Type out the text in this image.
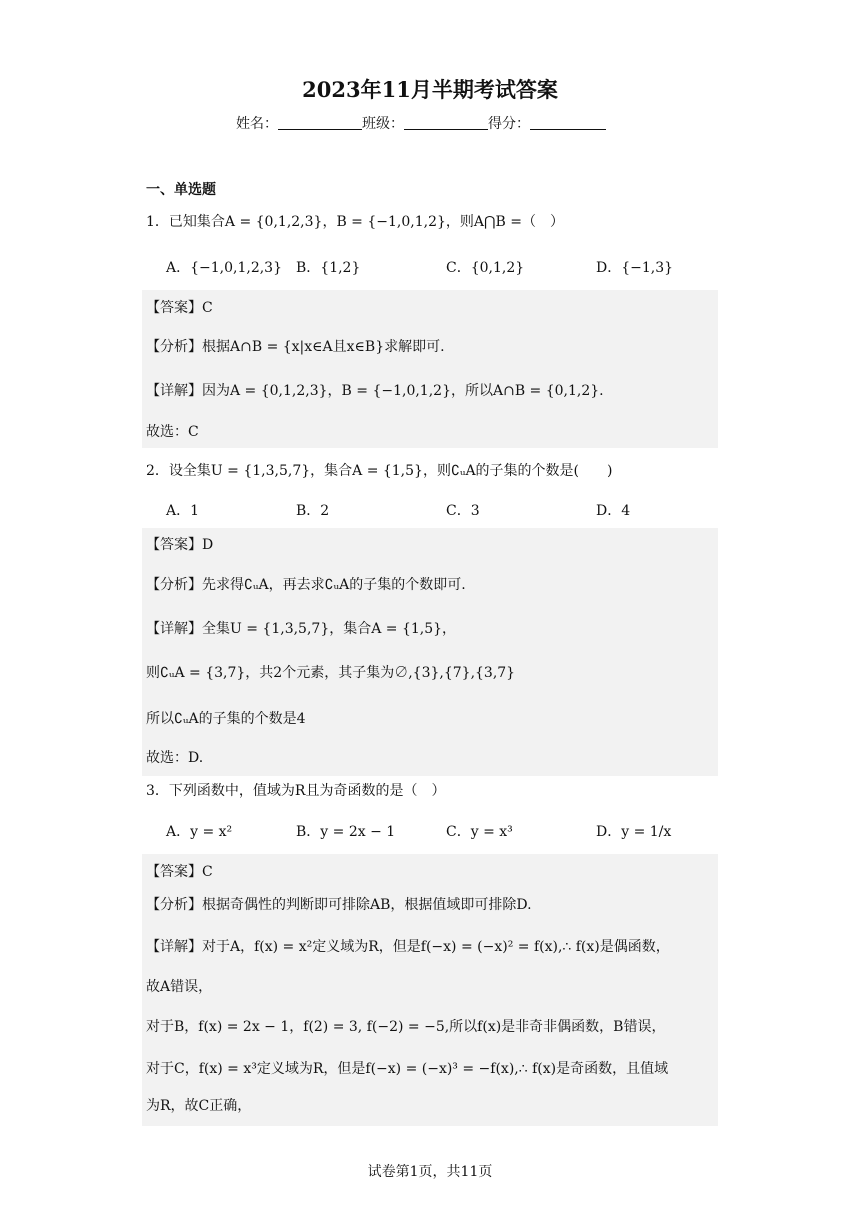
2023年11月半期考试答案
姓名：	班级：	得分：
一、单选题
1．已知集合A = {0,1,2,3}，B = {−1,0,1,2}，则A⋂B =（　）
A．{−1,0,1,2,3} B．{1,2}	C．{0,1,2}	D．{−1,3}
【答案】C
【分析】根据A∩B = {x|x∈A且x∈B}求解即可.
【详解】因为A = {0,1,2,3}，B = {−1,0,1,2}，所以A∩B = {0,1,2}.
故选：C
2．设全集U = {1,3,5,7}，集合A = {1,5}，则∁ᵤA的子集的个数是(　　)
A．1	B．2	C．3	D．4
【答案】D
【分析】先求得∁ᵤA，再去求∁ᵤA的子集的个数即可.
【详解】全集U = {1,3,5,7}，集合A = {1,5}，
则∁ᵤA = {3,7}，共2个元素，其子集为∅,{3},{7},{3,7}
所以∁ᵤA的子集的个数是4
故选：D.
3．下列函数中，值域为R且为奇函数的是（　）
A．y = x²	B．y = 2x − 1	C．y = x³	D．y = 1/x
【答案】C
【分析】根据奇偶性的判断即可排除AB，根据值域即可排除D.
【详解】对于A，f(x) = x²定义域为R，但是f(−x) = (−x)² = f(x),∴ f(x)是偶函数，
故A错误，
对于B，f(x) = 2x − 1，f(2) = 3, f(−2) = −5,所以f(x)是非奇非偶函数，B错误，
对于C，f(x) = x³定义域为R，但是f(−x) = (−x)³ = −f(x),∴ f(x)是奇函数，且值域
为R，故C正确，
试卷第1页，共11页
